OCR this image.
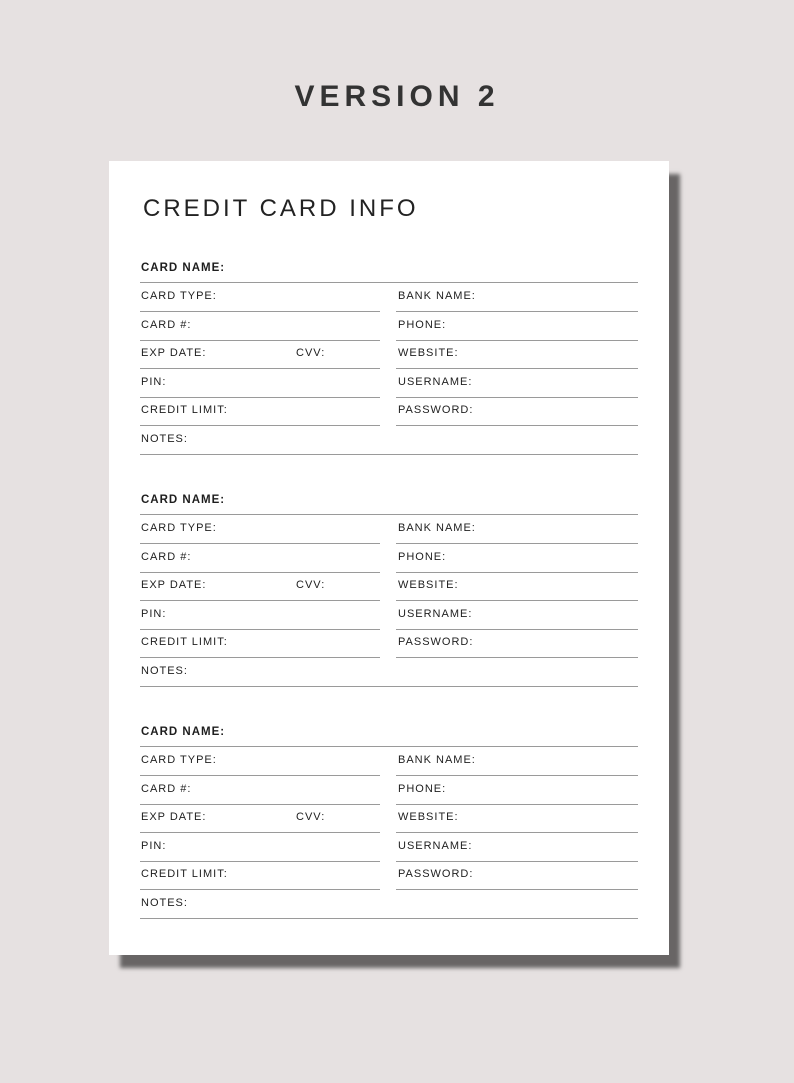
VERSION 2
CREDIT CARD INFO
CARD NAME:
CARD TYPE:	BANK NAME:
CARD #:	PHONE:
EXP DATE:	CVV:	WEBSITE:
PIN:	USERNAME:
CREDIT LIMIT:	PASSWORD:
NOTES:
CARD NAME:
CARD TYPE:	BANK NAME:
CARD #:	PHONE:
EXP DATE:	CVV:	WEBSITE:
PIN:	USERNAME:
CREDIT LIMIT:	PASSWORD:
NOTES:
CARD NAME:
CARD TYPE:	BANK NAME:
CARD #:	PHONE:
EXP DATE:	CVV:	WEBSITE:
PIN:	USERNAME:
CREDIT LIMIT:	PASSWORD:
NOTES:
